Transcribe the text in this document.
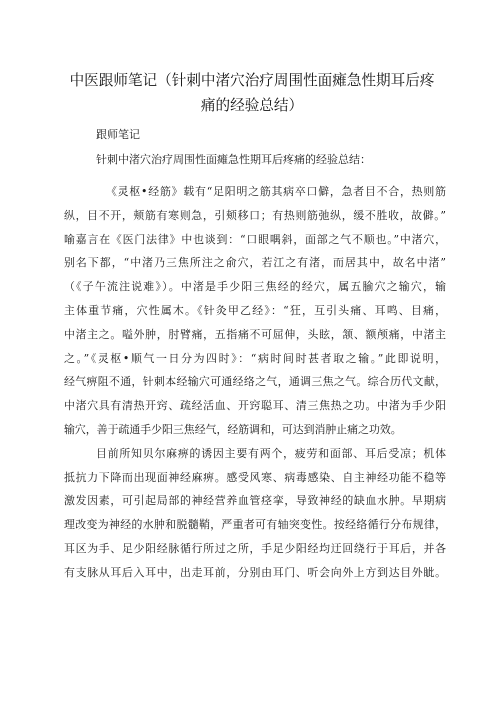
中医跟师笔记（针刺中渚穴治疗周围性面瘫急性期耳后疼
痛的经验总结）
跟师笔记
针刺中渚穴治疗周围性面瘫急性期耳后疼痛的经验总结：
《灵枢•经筋》载有“足阳明之筋其病卒口僻，急者目不合，热则筋
纵，目不开，颊筋有寒则急，引颊移口；有热则筋弛纵，缓不胜收，故僻。”
喻嘉言在《医门法律》中也谈到：“口眼喁斜，面部之气不顺也。”中渚穴，
别名下都，“中渚乃三焦所注之俞穴，若江之有渚，而居其中，故名中渚”
（《子午流注说难》）。中渚是手少阳三焦经的经穴，属五腧穴之输穴，输
主体重节痛，穴性属木。《针灸甲乙经》：“狂，互引头痛、耳鸣、目痛，
中渚主之。嗌外肿，肘臂痛，五指痛不可屈伸，头眩，颔、额颅痛，中渚主
之。”《灵枢•顺气一日分为四时》：“病时间时甚者取之输。”此即说明，
经气痹阻不通，针刺本经输穴可通经络之气，通调三焦之气。综合历代文献，
中渚穴具有清热开窍、疏经活血、开窍聪耳、清三焦热之功。中渚为手少阳
输穴，善于疏通手少阳三焦经气，经筋调和，可达到消肿止痛之功效。
目前所知贝尔麻痹的诱因主要有两个，疲劳和面部、耳后受凉；机体
抵抗力下降而出现面神经麻痹。感受风寒、病毒感染、自主神经功能不稳等
激发因素，可引起局部的神经营养血管痉挛，导致神经的缺血水肿。早期病
理改变为神经的水肿和脱髓鞘，严重者可有轴突变性。按经络循行分布规律，
耳区为手、足少阳经脉循行所过之所，手足少阳经均迂回绕行于耳后，并各
有支脉从耳后入耳中，出走耳前，分别由耳门、听会向外上方到达目外眦。
